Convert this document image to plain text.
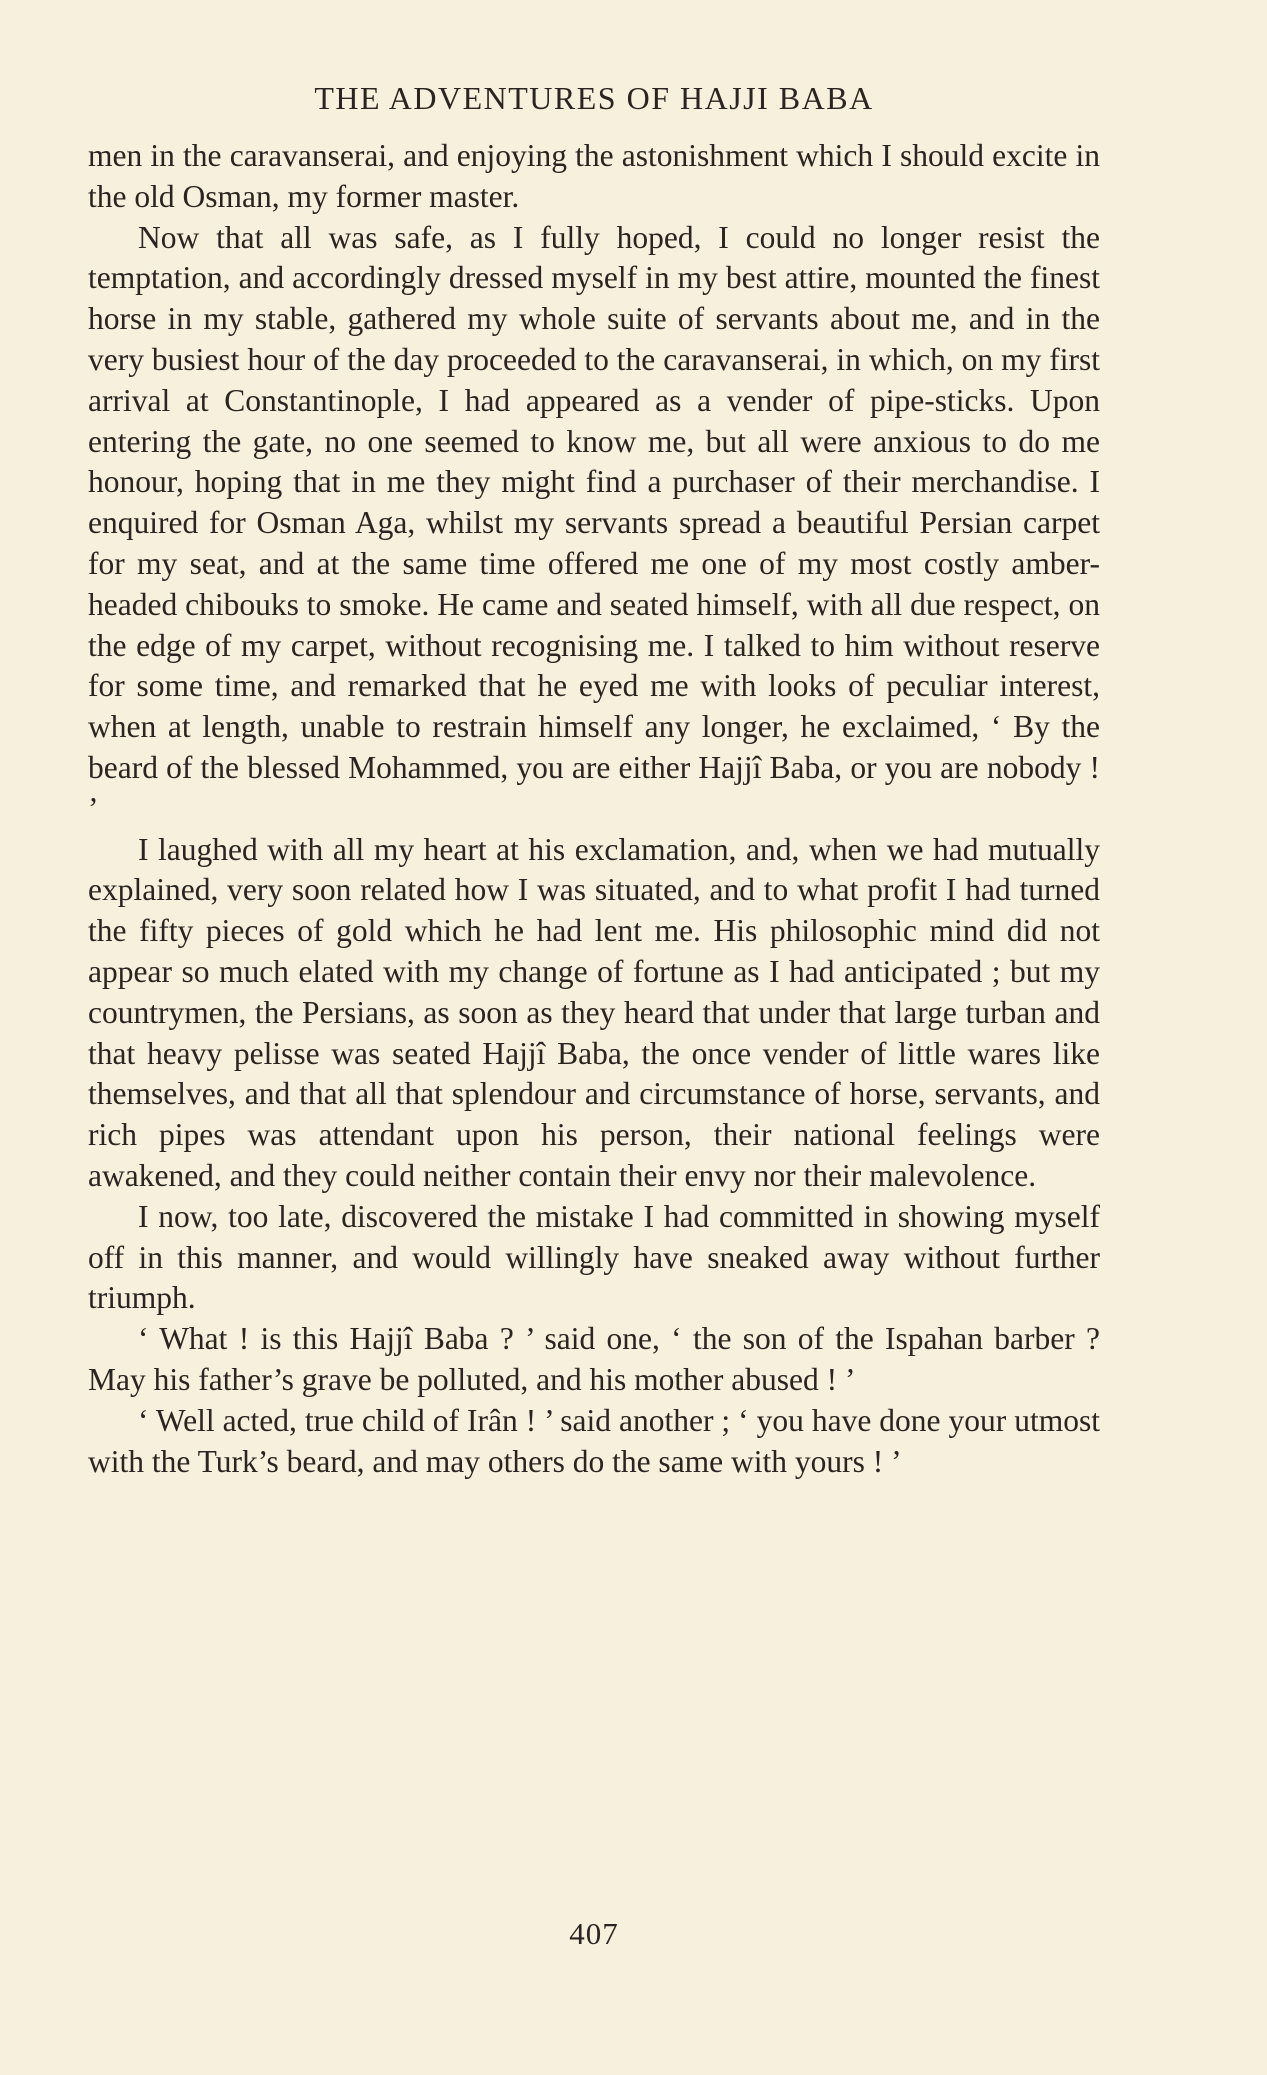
THE ADVENTURES OF HAJJI BABA

men in the caravanserai, and enjoying the astonishment which I should excite in the old Osman, my former master.

Now that all was safe, as I fully hoped, I could no longer resist the temptation, and accordingly dressed myself in my best attire, mounted the finest horse in my stable, gathered my whole suite of servants about me, and in the very busiest hour of the day proceeded to the caravanserai, in which, on my first arrival at Constantinople, I had appeared as a vender of pipe-sticks. Upon entering the gate, no one seemed to know me, but all were anxious to do me honour, hoping that in me they might find a purchaser of their merchandise. I enquired for Osman Aga, whilst my servants spread a beautiful Persian carpet for my seat, and at the same time offered me one of my most costly amber-headed chibouks to smoke. He came and seated himself, with all due respect, on the edge of my carpet, without recognising me. I talked to him without reserve for some time, and remarked that he eyed me with looks of peculiar interest, when at length, unable to restrain himself any longer, he exclaimed, ‘ By the beard of the blessed Mohammed, you are either Hajjî Baba, or you are nobody ! ’

I laughed with all my heart at his exclamation, and, when we had mutually explained, very soon related how I was situated, and to what profit I had turned the fifty pieces of gold which he had lent me. His philosophic mind did not appear so much elated with my change of fortune as I had anticipated ; but my countrymen, the Persians, as soon as they heard that under that large turban and that heavy pelisse was seated Hajjî Baba, the once vender of little wares like themselves, and that all that splendour and circumstance of horse, servants, and rich pipes was attendant upon his person, their national feelings were awakened, and they could neither contain their envy nor their malevolence.

I now, too late, discovered the mistake I had committed in showing myself off in this manner, and would willingly have sneaked away without further triumph.

‘ What ! is this Hajjî Baba ? ’ said one, ‘ the son of the Ispahan barber ? May his father’s grave be polluted, and his mother abused ! ’

‘ Well acted, true child of Irân ! ’ said another ; ‘ you have done your utmost with the Turk’s beard, and may others do the same with yours ! ’

407
